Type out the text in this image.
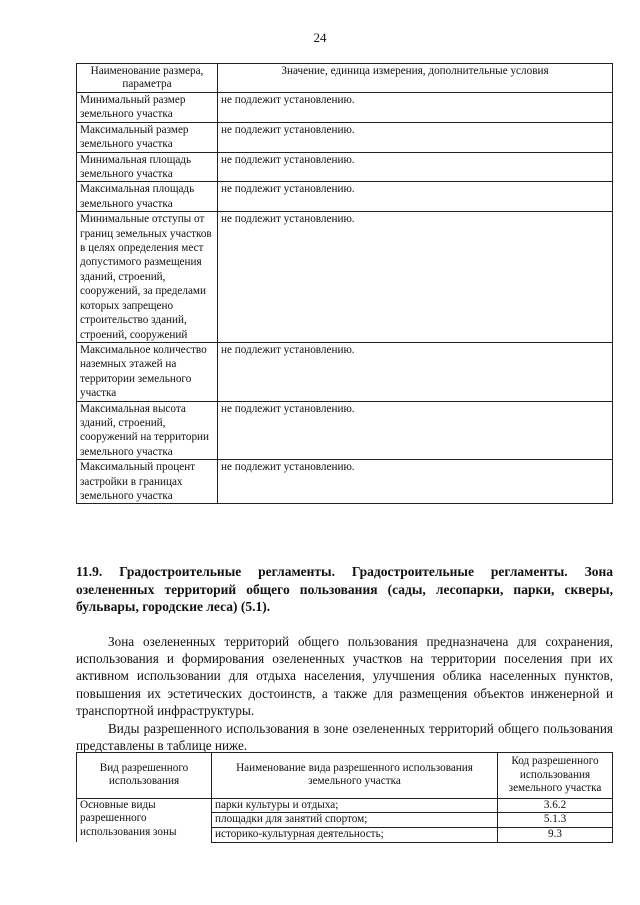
24
Наименование размера, параметра	Значение, единица измерения, дополнительные условия
Минимальный размер земельного участка	не подлежит установлению.
Максимальный размер земельного участка	не подлежит установлению.
Минимальная площадь земельного участка	не подлежит установлению.
Максимальная площадь земельного участка	не подлежит установлению.
Минимальные отступы от границ земельных участков в целях определения мест допустимого размещения зданий, строений, сооружений, за пределами которых запрещено строительство зданий, строений, сооружений	не подлежит установлению.
Максимальное количество наземных этажей на территории земельного участка	не подлежит установлению.
Максимальная высота зданий, строений, сооружений на территории земельного участка	не подлежит установлению.
Максимальный процент застройки в границах земельного участка	не подлежит установлению.

11.9. Градостроительные регламенты. Градостроительные регламенты. Зона озелененных территорий общего пользования (сады, лесопарки, парки, скверы, бульвары, городские леса) (5.1).

Зона озелененных территорий общего пользования предназначена для сохранения, использования и формирования озелененных участков на территории поселения при их активном использовании для отдыха населения, улучшения облика населенных пунктов, повышения их эстетических достоинств, а также для размещения объектов инженерной и транспортной инфраструктуры.

Виды разрешенного использования в зоне озелененных территорий общего пользования представлены в таблице ниже.

Вид разрешенного использования	Наименование вида разрешенного использования земельного участка	Код разрешенного использования земельного участка
Основные виды разрешенного использования зоны	парки культуры и отдыха;	3.6.2
	площадки для занятий спортом;	5.1.3
	историко-культурная деятельность;	9.3
